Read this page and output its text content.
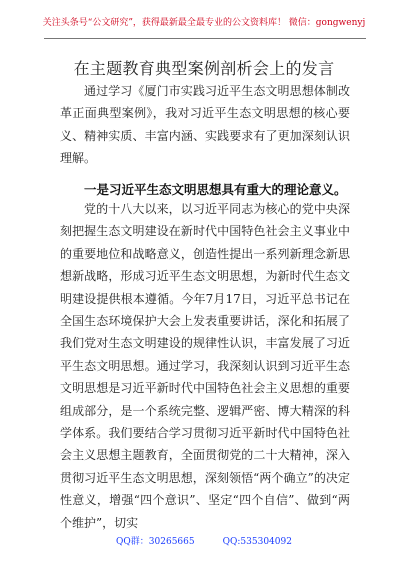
关注头条号“公文研究”，获得最新最全最专业的公文资料库！ 微信：gongwenyj
在主题教育典型案例剖析会上的发言

通过学习《厦门市实践习近平生态文明思想体制改革正面典型案例》，我对习近平生态文明思想的核心要义、精神实质、丰富内涵、实践要求有了更加深刻认识理解。

一是习近平生态文明思想具有重大的理论意义。

党的十八大以来，以习近平同志为核心的党中央深刻把握生态文明建设在新时代中国特色社会主义事业中的重要地位和战略意义，创造性提出一系列新理念新思想新战略，形成习近平生态文明思想，为新时代生态文明建设提供根本遵循。今年7月17日，习近平总书记在全国生态环境保护大会上发表重要讲话，深化和拓展了我们党对生态文明建设的规律性认识，丰富发展了习近平生态文明思想。通过学习，我深刻认识到习近平生态文明思想是习近平新时代中国特色社会主义思想的重要组成部分，是一个系统完整、逻辑严密、博大精深的科学体系。我们要结合学习贯彻习近平新时代中国特色社会主义思想主题教育，全面贯彻党的二十大精神，深入贯彻习近平生态文明思想，深刻领悟“两个确立”的决定性意义，增强“四个意识”、坚定“四个自信”、做到“两个维护”，切实

QQ群：30265665	QQ:535304092
